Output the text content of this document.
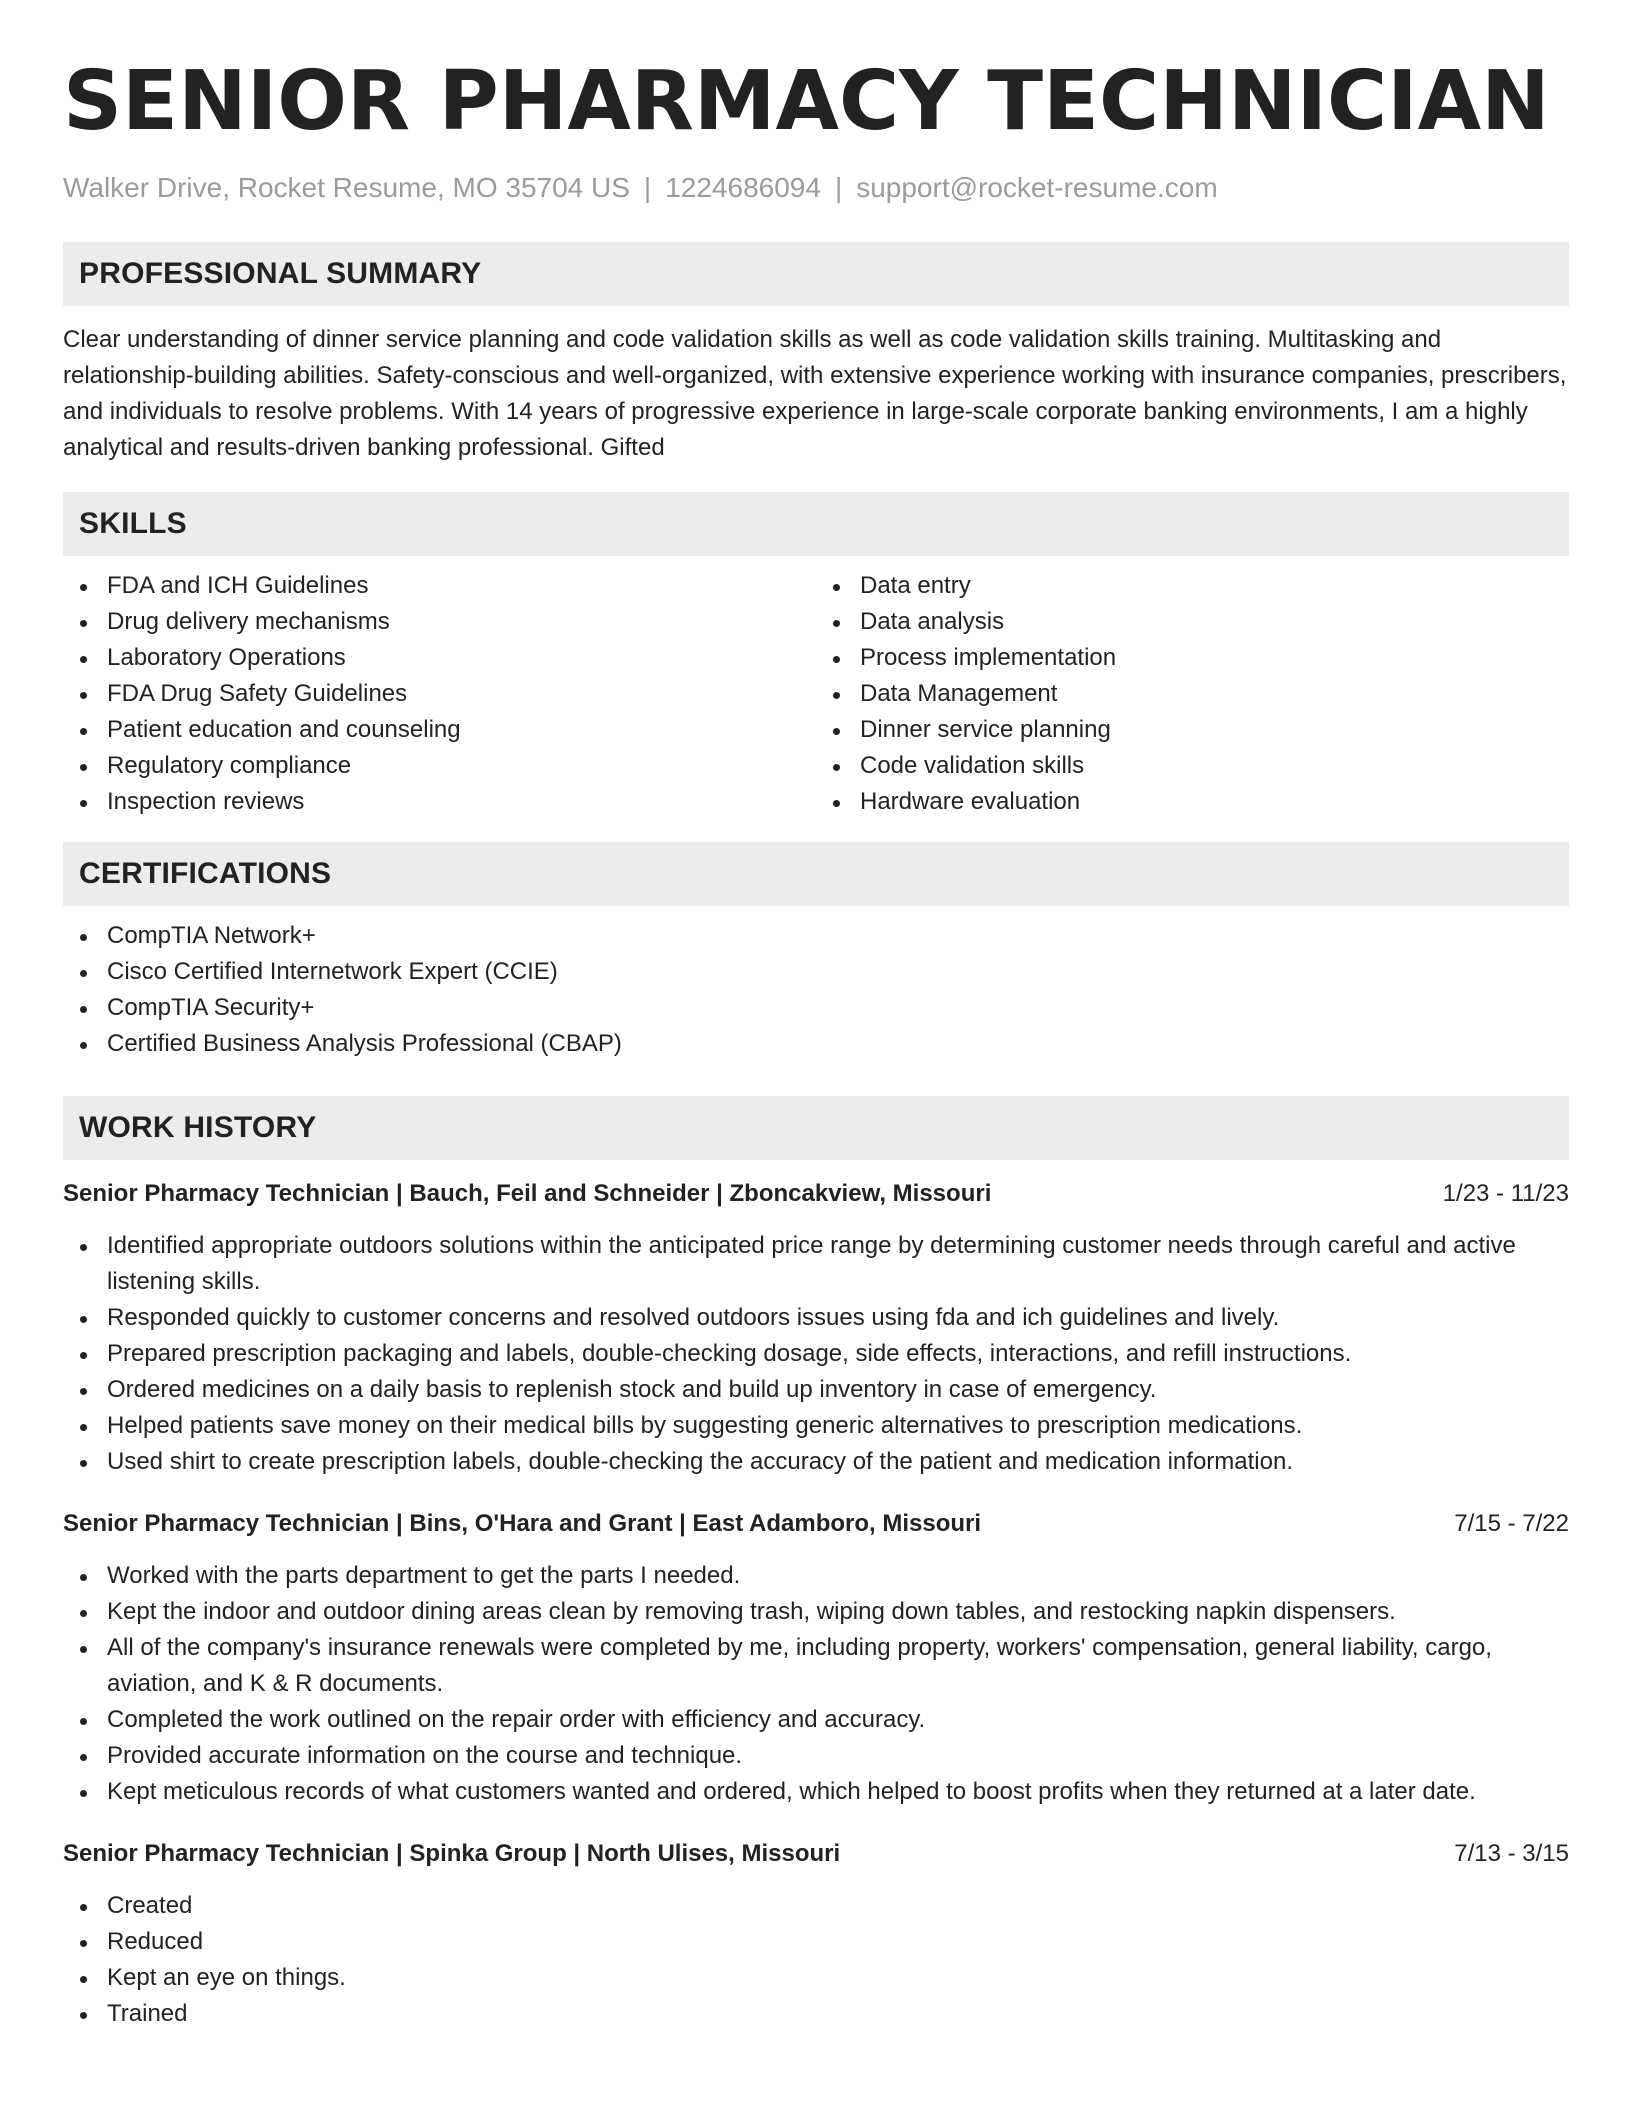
SENIOR PHARMACY TECHNICIAN
Walker Drive, Rocket Resume, MO 35704 US | 1224686094 | support@rocket-resume.com
PROFESSIONAL SUMMARY

Clear understanding of dinner service planning and code validation skills as well as code validation skills training. Multitasking and relationship-building abilities. Safety-conscious and well-organized, with extensive experience working with insurance companies, prescribers, and individuals to resolve problems. With 14 years of progressive experience in large-scale corporate banking environments, I am a highly analytical and results-driven banking professional. Gifted

SKILLS
FDA and ICH Guidelines
Drug delivery mechanisms
Laboratory Operations
FDA Drug Safety Guidelines
Patient education and counseling
Regulatory compliance
Inspection reviews
Data entry
Data analysis
Process implementation
Data Management
Dinner service planning
Code validation skills
Hardware evaluation
CERTIFICATIONS
CompTIA Network+
Cisco Certified Internetwork Expert (CCIE)
CompTIA Security+
Certified Business Analysis Professional (CBAP)
WORK HISTORY
Senior Pharmacy Technician | Bauch, Feil and Schneider | Zboncakview, Missouri	1/23 - 11/23
Identified appropriate outdoors solutions within the anticipated price range by determining customer needs through careful and active listening skills.
Responded quickly to customer concerns and resolved outdoors issues using fda and ich guidelines and lively.
Prepared prescription packaging and labels, double-checking dosage, side effects, interactions, and refill instructions.
Ordered medicines on a daily basis to replenish stock and build up inventory in case of emergency.
Helped patients save money on their medical bills by suggesting generic alternatives to prescription medications.
Used shirt to create prescription labels, double-checking the accuracy of the patient and medication information.
Senior Pharmacy Technician | Bins, O'Hara and Grant | East Adamboro, Missouri	7/15 - 7/22
Worked with the parts department to get the parts I needed.
Kept the indoor and outdoor dining areas clean by removing trash, wiping down tables, and restocking napkin dispensers.
All of the company's insurance renewals were completed by me, including property, workers' compensation, general liability, cargo, aviation, and K & R documents.
Completed the work outlined on the repair order with efficiency and accuracy.
Provided accurate information on the course and technique.
Kept meticulous records of what customers wanted and ordered, which helped to boost profits when they returned at a later date.
Senior Pharmacy Technician | Spinka Group | North Ulises, Missouri	7/13 - 3/15
Created
Reduced
Kept an eye on things.
Trained
